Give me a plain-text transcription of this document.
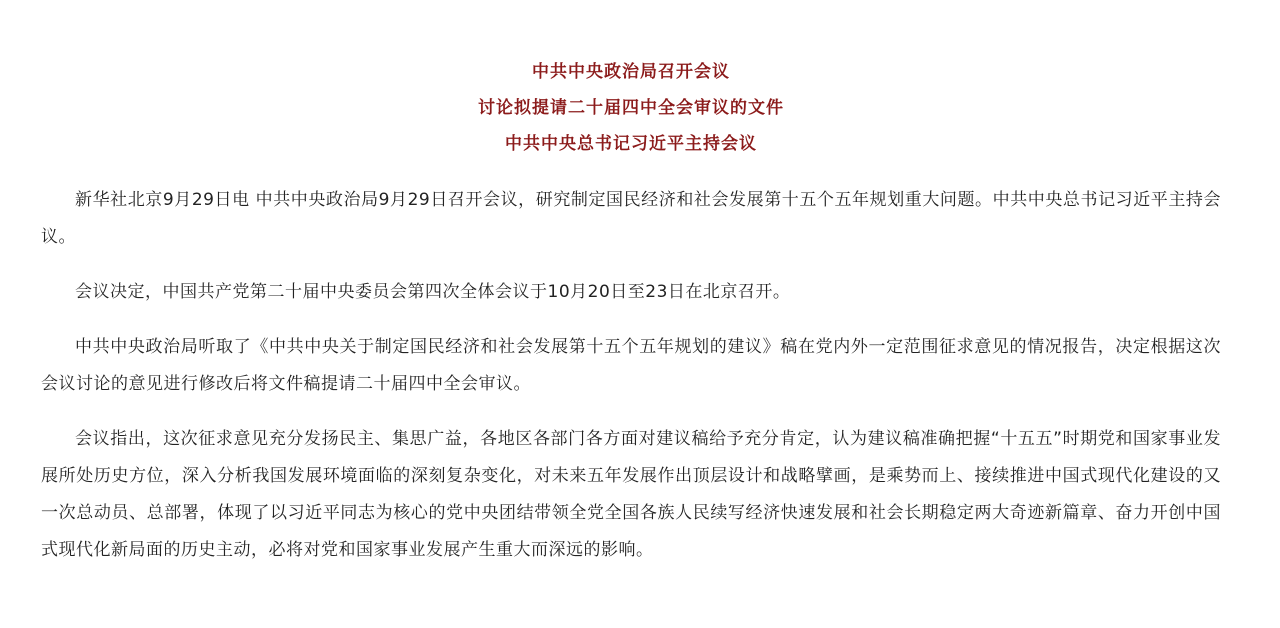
中共中央政治局召开会议

讨论拟提请二十届四中全会审议的文件

中共中央总书记习近平主持会议

新华社北京9月29日电 中共中央政治局9月29日召开会议，研究制定国民经济和社会发展第十五个五年规划重大问题。中共中央总书记习近平主持会议。

会议决定，中国共产党第二十届中央委员会第四次全体会议于10月20日至23日在北京召开。

中共中央政治局听取了《中共中央关于制定国民经济和社会发展第十五个五年规划的建议》稿在党内外一定范围征求意见的情况报告，决定根据这次会议讨论的意见进行修改后将文件稿提请二十届四中全会审议。

会议指出，这次征求意见充分发扬民主、集思广益，各地区各部门各方面对建议稿给予充分肯定，认为建议稿准确把握“十五五”时期党和国家事业发展所处历史方位，深入分析我国发展环境面临的深刻复杂变化，对未来五年发展作出顶层设计和战略擘画，是乘势而上、接续推进中国式现代化建设的又一次总动员、总部署，体现了以习近平同志为核心的党中央团结带领全党全国各族人民续写经济快速发展和社会长期稳定两大奇迹新篇章、奋力开创中国式现代化新局面的历史主动，必将对党和国家事业发展产生重大而深远的影响。
